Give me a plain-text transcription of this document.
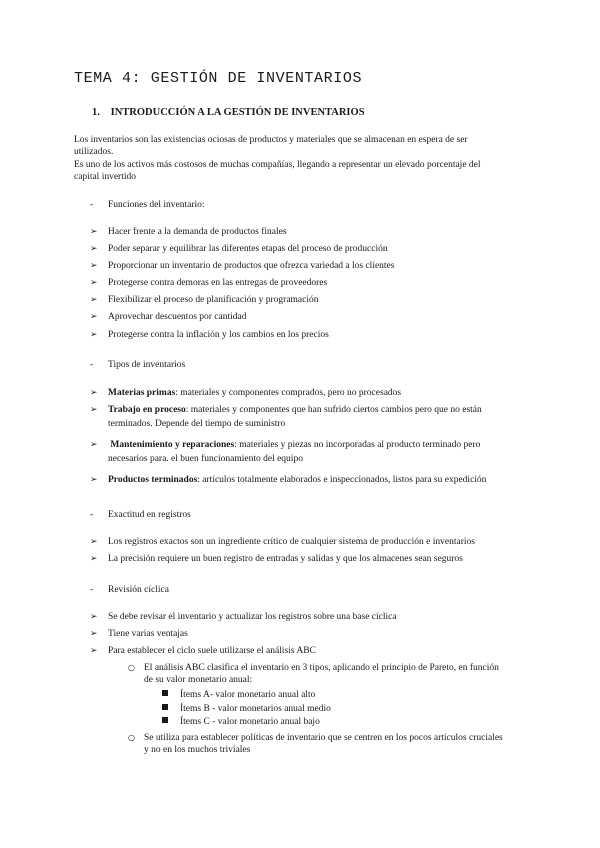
TEMA 4: GESTIÓN DE INVENTARIOS
1. INTRODUCCIÓN A LA GESTIÓN DE INVENTARIOS
Los inventarios son las existencias ociosas de productos y materiales que se almacenan en espera de ser
utilizados.
Es uno de los activos más costosos de muchas compañías, llegando a representar un elevado porcentaje del
capital invertido
- Funciones del inventario:
➢	Hacer frente a la demanda de productos finales
➢	Poder separar y equilibrar las diferentes etapas del proceso de producción
➢	Proporcionar un inventario de productos que ofrezca variedad a los clientes
➢	Protegerse contra demoras en las entregas de proveedores
➢	Flexibilizar el proceso de planificación y programación
➢	Aprovechar descuentos por cantidad
➢	Protegerse contra la inflación y los cambios en los precios
- Tipos de inventarios
➢	Materias primas: materiales y componentes comprados, pero no procesados
➢	Trabajo en proceso: materiales y componentes que han sufrido ciertos cambios pero que no están
terminados. Depende del tiempo de suministro
➢	Mantenimiento y reparaciones: materiales y piezas no incorporadas al producto terminado pero
necesarios para. el buen funcionamiento del equipo
➢	Productos terminados: artículos totalmente elaborados e inspeccionados, listos para su expedición
- Exactitud en registros
➢	Los registros exactos son un ingrediente crítico de cualquier sistema de producción e inventarios
➢	La precisión requiere un buen registro de entradas y salidas y que los almacenes sean seguros
- Revisión cíclica
➢	Se debe revisar el inventario y actualizar los registros sobre una base cíclica
➢	Tiene varias ventajas
➢	Para establecer el ciclo suele utilizarse el análisis ABC
○ El análisis ABC clasifica el inventario en 3 tipos, aplicando el principio de Pareto, en función
de su valor monetario anual:
Ítems A- valor monetario anual alto
Ítems B - valor monetarios anual medio
Ítems C - valor monetario anual bajo
○ Se utiliza para establecer políticas de inventario que se centren en los pocos artículos cruciales
y no en los muchos triviales
